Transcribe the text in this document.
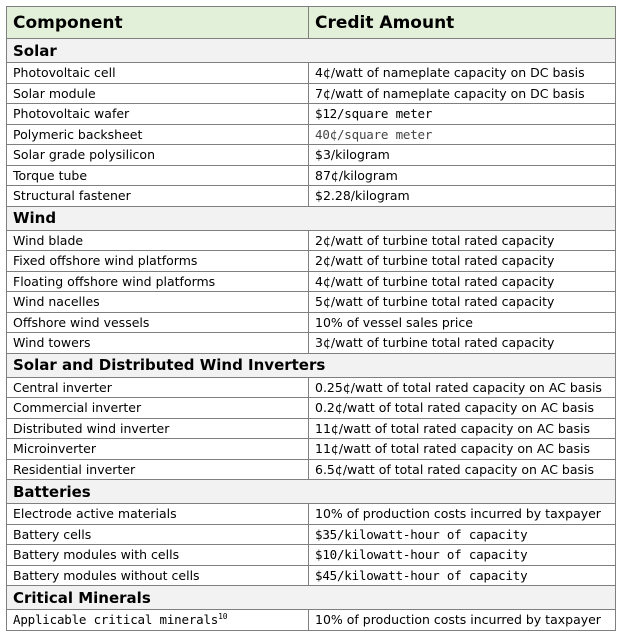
Component	Credit Amount
Solar	
Photovoltaic cell	4¢/watt of nameplate capacity on DC basis
Solar module	7¢/watt of nameplate capacity on DC basis
Photovoltaic wafer	$12/square meter
Polymeric backsheet	40¢/square meter
Solar grade polysilicon	$3/kilogram
Torque tube	87¢/kilogram
Structural fastener	$2.28/kilogram
Wind	
Wind blade	2¢/watt of turbine total rated capacity
Fixed offshore wind platforms	2¢/watt of turbine total rated capacity
Floating offshore wind platforms	4¢/watt of turbine total rated capacity
Wind nacelles	5¢/watt of turbine total rated capacity
Offshore wind vessels	10% of vessel sales price
Wind towers	3¢/watt of turbine total rated capacity
Solar and Distributed Wind Inverters	
Central inverter	0.25¢/watt of total rated capacity on AC basis
Commercial inverter	0.2¢/watt of total rated capacity on AC basis
Distributed wind inverter	11¢/watt of total rated capacity on AC basis
Microinverter	11¢/watt of total rated capacity on AC basis
Residential inverter	6.5¢/watt of total rated capacity on AC basis
Batteries	
Electrode active materials	10% of production costs incurred by taxpayer
Battery cells	$35/kilowatt-hour of capacity
Battery modules with cells	$10/kilowatt-hour of capacity
Battery modules without cells	$45/kilowatt-hour of capacity
Critical Minerals	
Applicable critical minerals$^{10}$	10% of production costs incurred by taxpayer
